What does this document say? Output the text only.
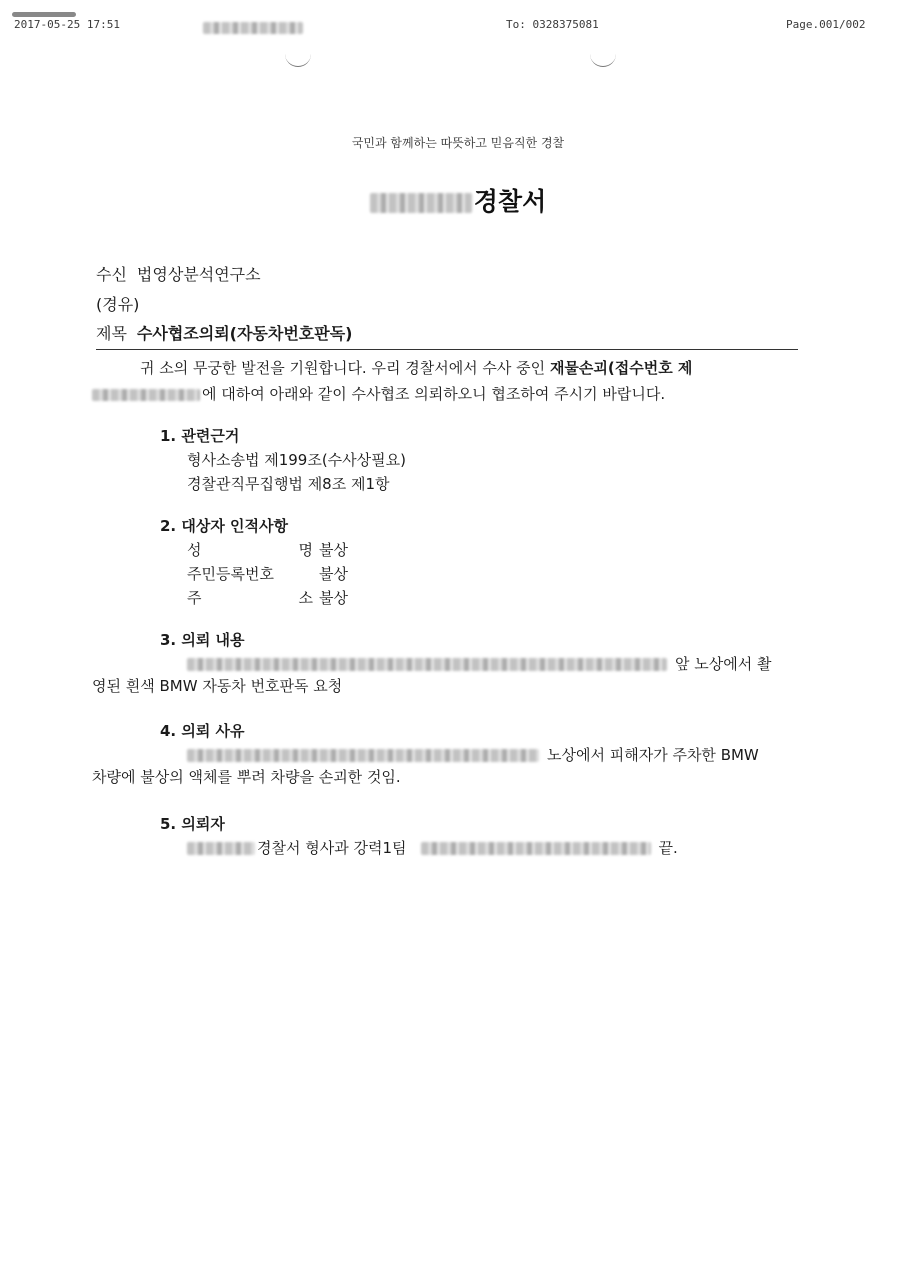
2017-05-25 17:51	To: 0328375081	Page.001/002
국민과 함께하는 따뜻하고 믿음직한 경찰
경찰서
수신 법영상분석연구소
(경유)
제목 수사협조의뢰(자동차번호판독)
귀 소의 무궁한 발전을 기원합니다. 우리 경찰서에서 수사 중인 재물손괴(접수번호 제
에 대하여 아래와 같이 수사협조 의뢰하오니 협조하여 주시기 바랍니다.
1. 관련근거
형사소송법 제199조(수사상필요)
경찰관직무집행법 제8조 제1항
2. 대상자 인적사항
성	명 불상
주민등록번호	불상
주	소 불상
3. 의뢰 내용
앞 노상에서 촬
영된 흰색 BMW 자동차 번호판독 요청
4. 의뢰 사유
노상에서 피해자가 주차한 BMW
차량에 불상의 액체를 뿌려 차량을 손괴한 것임.
5. 의뢰자
경찰서 형사과 강력1팀	끝.
